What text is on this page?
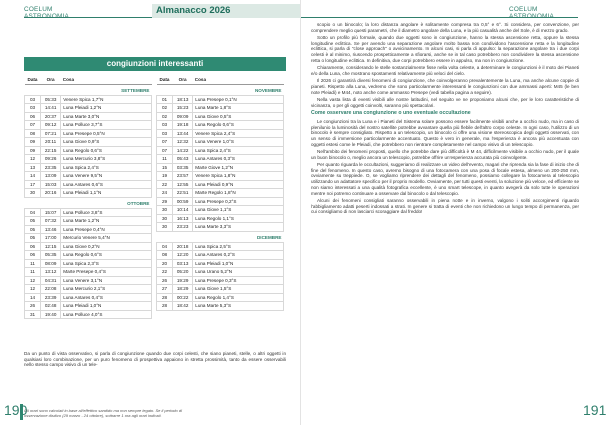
COELUM ASTRONOMIA
Almanacco 2026
congiunzioni interessanti
Data	Ora	Cosa
SETTEMBRE		
03	05:33	Venere Spica 1,7°N
03	14:41	Luna Pleiadi 1,2°N
06	20:37	Luna Marte 3,0°N
07	09:12	Luna Polluce 3,7°S
08	07:21	Luna Presepe 0,5°N
09	20:11	Luna Giove 0,9°S
09	22:15	Luna Regolo 0,6°S
12	09:26	Luna Mercurio 3,8°S
13	23:35	Luna Spica 2,4°S
14	13:09	Luna Venere 9,5°N
17	15:03	Luna Antares 0,6°S
30	20:16	Luna Pleiadi 1,1°N
OTTOBRE		
04	15:07	Luna Polluce 3,8°S
05	07:32	Luna Marte 1,2°N
05	13:46	Luna Presepe 0,4°N
05	17:00	Mercurio Venere 5,4°N
06	12:15	Luna Giove 0,2°N
06	05:35	Luna Regolo 0,6°S
11	08:09	Luna Spica 2,3°S
11	13:12	Marte Presepe 0,4°S
12	04:31	Luna Venere 3,1°N
12	22:08	Luna Mercurio 2,1°S
14	23:39	Luna Antares 0,4°S
26	02:48	Luna Pleiadi 1,0°N
31	19:40	Luna Polluce 4,0°S
Data	Ora	Cosa
NOVEMBRE		
01	18:13	Luna Presepe 0,1°N
02	15:23	Luna Marte 1,8°S
02	09:09	Luna Giove 0,5°S
03	19:18	Luna Regolo 0,6°S
03	13:44	Venere Spica 2,4°S
07	12:32	Luna Venere 1,0°S
07	14:22	Luna Spica 2,4°S
11	05:43	Luna Antares 0,3°S
15	03:35	Marte Giove 1,2°N
19	23:57	Venere Spica 1,8°N
22	12:55	Luna Pleiadi 0,9°N
24	22:51	Marte Regolo 1,8°N
29	00:59	Luna Presepe 0,2°S
30	10:14	Luna Giove 1,1°S
30	16:13	Luna Regolo 1,1°S
30	23:23	Luna Marte 3,3°S
DICEMBRE		
04	20:18	Luna Spica 2,5°S
08	12:20	Luna Antares 0,2°S
20	03:13	Luna Pleiadi 1,0°N
22	05:20	Luna Urano 5,2°N
26	19:29	Luna Presepe 0,3°S
27	18:29	Luna Giove 1,5°S
28	00:22	Luna Regolo 1,4°S
28	18:42	Luna Marte 5,3°S
Da un punto di vista osservativo, si parla di congiunzione quando due corpi celesti, che siano pianeti, stelle, o altri oggetti in qualsiasi loro combinazione, per un puro fenomeno di prospettiva appaiono in stretta prossimità, tanto da essere osservabili nello stesso campo visivo di un tele-
190
Gli orari sono calcolati in base all'effettivo sandido ma non sempre legato. Se il periodo di osservazione disdivo (29 marzo - 24 ottobre), sottrarre 1 ora agli orari indicati.
COELUM ASTRONOMIA

scopio o un binocolo; la loro distanza angolare è solitamente compresa tra 0,5° e 6°. Si considera, per convenzione, per comprendere meglio questi parametri, che il diametro angolare della Luna, e la più casualità anche del Sole, è di mezzo grado.

Sotto un profilo più formale, quando due oggetti sono in congiunzione, hanno la stessa ascensione retta, oppure la stessa longitudine eclittica. Se per avendo una separazione angolare molto bassa non condividono l'ascensione retta e la longitudine eclittica, si parla di "close approach" o avvicinamento. In alcuni casi, si parla di appulso: la separazione angolare tra i due corpi celesti è al minimo, riuscendo prospetticamente a sfiorarsi, anche se in tal caso potrebbero non condividere la stessa ascensione retta o longitudine eclittica. In definitiva, due corpi potrebbero essere in appulso, ma non in congiunzione.

Chiaramente, considerando le stelle sostanzialmente fisse nella volta celeste, a determinare le congiunzioni è il moto dei Pianeti e/o della Luna, che mostrano spostamenti relativamente più veloci del cielo.

Il 2026 ci garantirà diversi fenomeni di congiunzione, che coinvolgeranno prevalentemente la Luna, ma anche alcune coppie di pianeti. Rispetto alla Luna, vedremo che sono particolarmente interessanti le congiunzioni con due ammassi aperti: M45 (le ben note Pleiadi) e M44, noto anche come ammasso Presepe (vedi tabella pagina a seguire).

Nella vasta lista di eventi visibili alle nostre latitudini, nel seguito ve ne proponiamo alcuni che, per le loro caratteristiche di vicinanza, o per gli oggetti coinvolti, saranno più spettacolari.

Come osservare una congiunzione o uno eventuale occultazione

Le congiunzioni tra la Luna e i Pianeti del Sistema solare possono essere facilmente visibili anche a occhio nudo, ma in caso di plenilunio la luminosità del nostro satellite potrebbe avvantare quella più flebile dell'altro corpo celeste. In ogni caso, l'utilizzo di un binocolo è sempre consigliato. Rispetto a un telescopio, un binocolo ci offre una visione stereoscopica degli oggetti osservati, con un senso di immersione particolarmente accentuato. Questo è vero in generale, ma l'esperienza è ancora più accentuata con oggetti estesi come le Pleiadi, che potrebbero non rientrare completamente nel campo visivo di un telescopio.

Nell'ambito dei fenomeni proposti, quello che potrebbe dare più difficoltà è M 44, difficilmente visibile a occhio nudo, per il quale un buon binocolo o, meglio ancora un telescopio, potrebbe offrire un'esperienza accurata più coinvolgente.

Per quanto riguarda le occultazioni, suggeriamo di realizzare un video dell'evento, magari che riprenda sia la fase di inizio che di fine del fenomeno. In questo caso, avremo bisogno di una fotocamera con una posa di focale estesa, almeno un 200-250 mm, ovviamente su treppiede. O, se vogliamo riprendere dei dettagli del fenomeno, possiamo collegare la fotocamera al telescopio utilizzando un adattatore specifico per il proprio modello. Ovviamente, per tutti questi eventi, la soluzione più veloce, ed efficiente se non siamo interessati a una qualità fotografica eccellente, è uno smart telescope, in quanto avegerà da solo tutte le operazioni mentre noi potremo continuare a osservare dal binocolo o dal telescopio.

Alcuni dei fenomeni consigliati saranno osservabili in piena notte e in inverno, valgono i soliti accorgimenti riguardo l'abbigliamento adatti peserti indossati a strati. In genere si tratta di eventi che non richiedono un lungo tempo di permanenza, per cui consigliamo di non lasciarci scoraggiare dal freddo!

191
